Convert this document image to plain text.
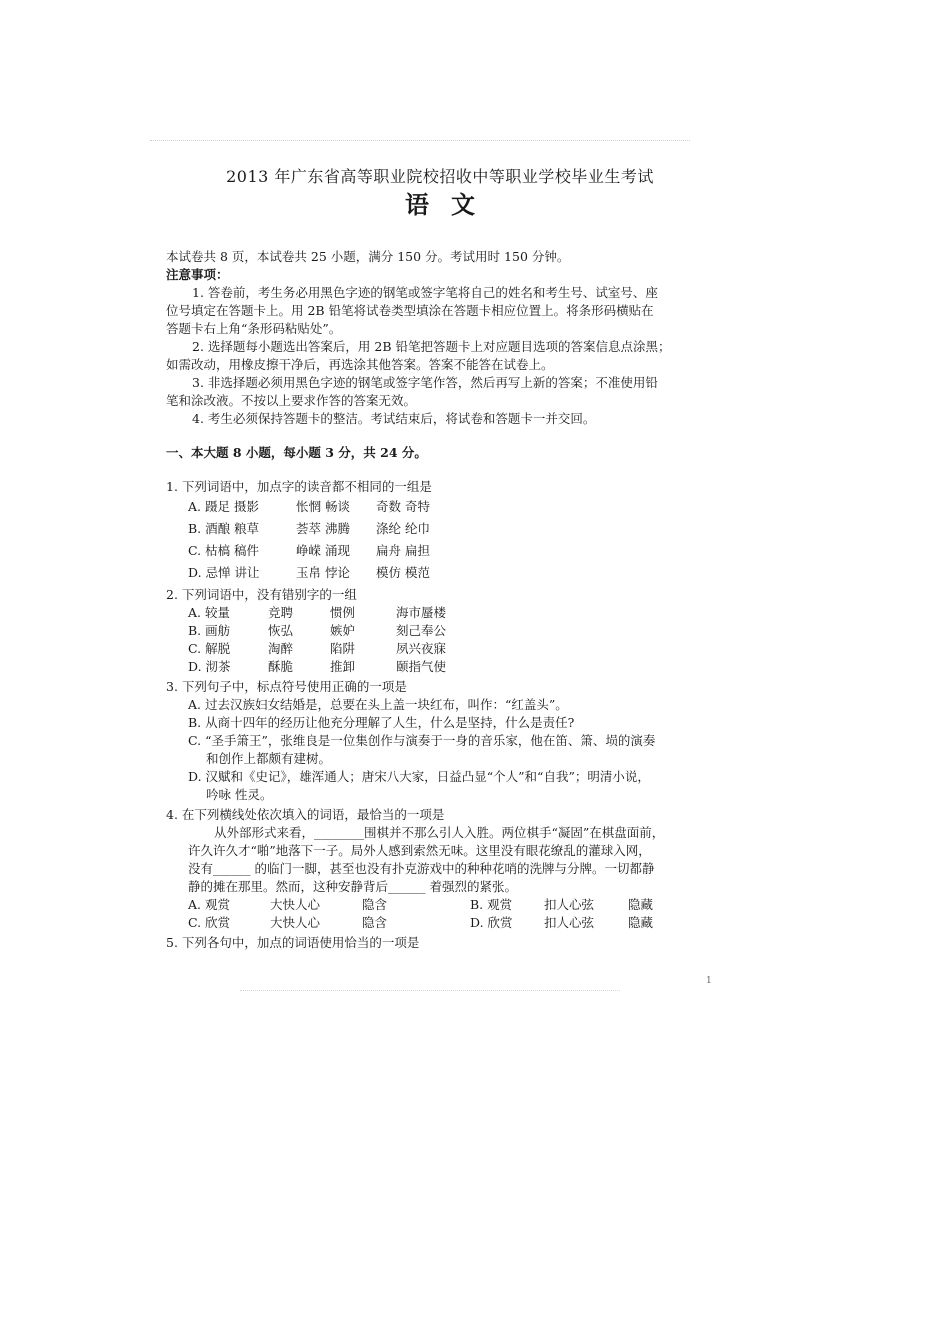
2013 年广东省高等职业院校招收中等职业学校毕业生考试
语文
本试卷共 8 页，本试卷共 25 小题，满分 150 分。考试用时 150 分钟。
注意事项：
1. 答卷前，考生务必用黑色字迹的钢笔或签字笔将自己的姓名和考生号、试室号、座
位号填定在答题卡上。用 2B 铅笔将试卷类型填涂在答题卡相应位置上。将条形码横贴在
答题卡右上角“条形码粘贴处”。
2. 选择题每小题选出答案后，用 2B 铅笔把答题卡上对应题目选项的答案信息点涂黑；
如需改动，用橡皮擦干净后，再选涂其他答案。答案不能答在试卷上。
3. 非选择题必须用黑色字迹的钢笔或签字笔作答，然后再写上新的答案；不准使用铅
笔和涂改液。不按以上要求作答的答案无效。
4. 考生必须保持答题卡的整洁。考试结束后，将试卷和答题卡一并交回。
一、本大题 8 小题，每小题 3 分，共 24 分。
1. 下列词语中，加点字的读音都不相同的一组是
A. 蹑足 摄影	怅惘 畅谈	奇数 奇特
B. 酒酿 粮草	荟萃 沸腾	涤纶 纶巾
C. 枯槁 稿件	峥嵘 涌现	扁舟 扁担
D. 忌惮 讲让	玉帛 悖论	模仿 模范
2. 下列词语中，没有错别字的一组
A. 较量	竞聘	惯例	海市蜃楼
B. 画舫	恢弘	嫉妒	刻己奉公
C. 解脱	淘醉	陷阱	夙兴夜寐
D. 沏茶	酥脆	推卸	颐指气使
3. 下列句子中，标点符号使用正确的一项是
A. 过去汉族妇女结婚是，总要在头上盖一块红布，叫作：“红盖头”。
B. 从商十四年的经历让他充分理解了人生，什么是坚持，什么是责任?
C. “圣手箫王”，张维良是一位集创作与演奏于一身的音乐家，他在笛、箫、埙的演奏
和创作上都颇有建树。
D. 汉赋和《史记》，雄浑通人；唐宋八大家，日益凸显“个人”和“自我”；明清小说，
吟咏 性灵。
4. 在下列横线处依次填入的词语，最恰当的一项是
从外部形式来看，________围棋并不那么引人入胜。两位棋手“凝固”在棋盘面前，
许久许久才“啪”地落下一子。局外人感到索然无味。这里没有眼花缭乱的灌球入网，
没有______ 的临门一脚，甚至也没有扑克游戏中的种种花哨的洗牌与分牌。一切都静
静的摊在那里。然而，这种安静背后______ 着强烈的紧张。
A. 观赏	大快人心	隐含	B. 观赏	扣人心弦	隐藏
C. 欣赏	大快人心	隐含	D. 欣赏	扣人心弦	隐藏
5. 下列各句中，加点的词语使用恰当的一项是
1
